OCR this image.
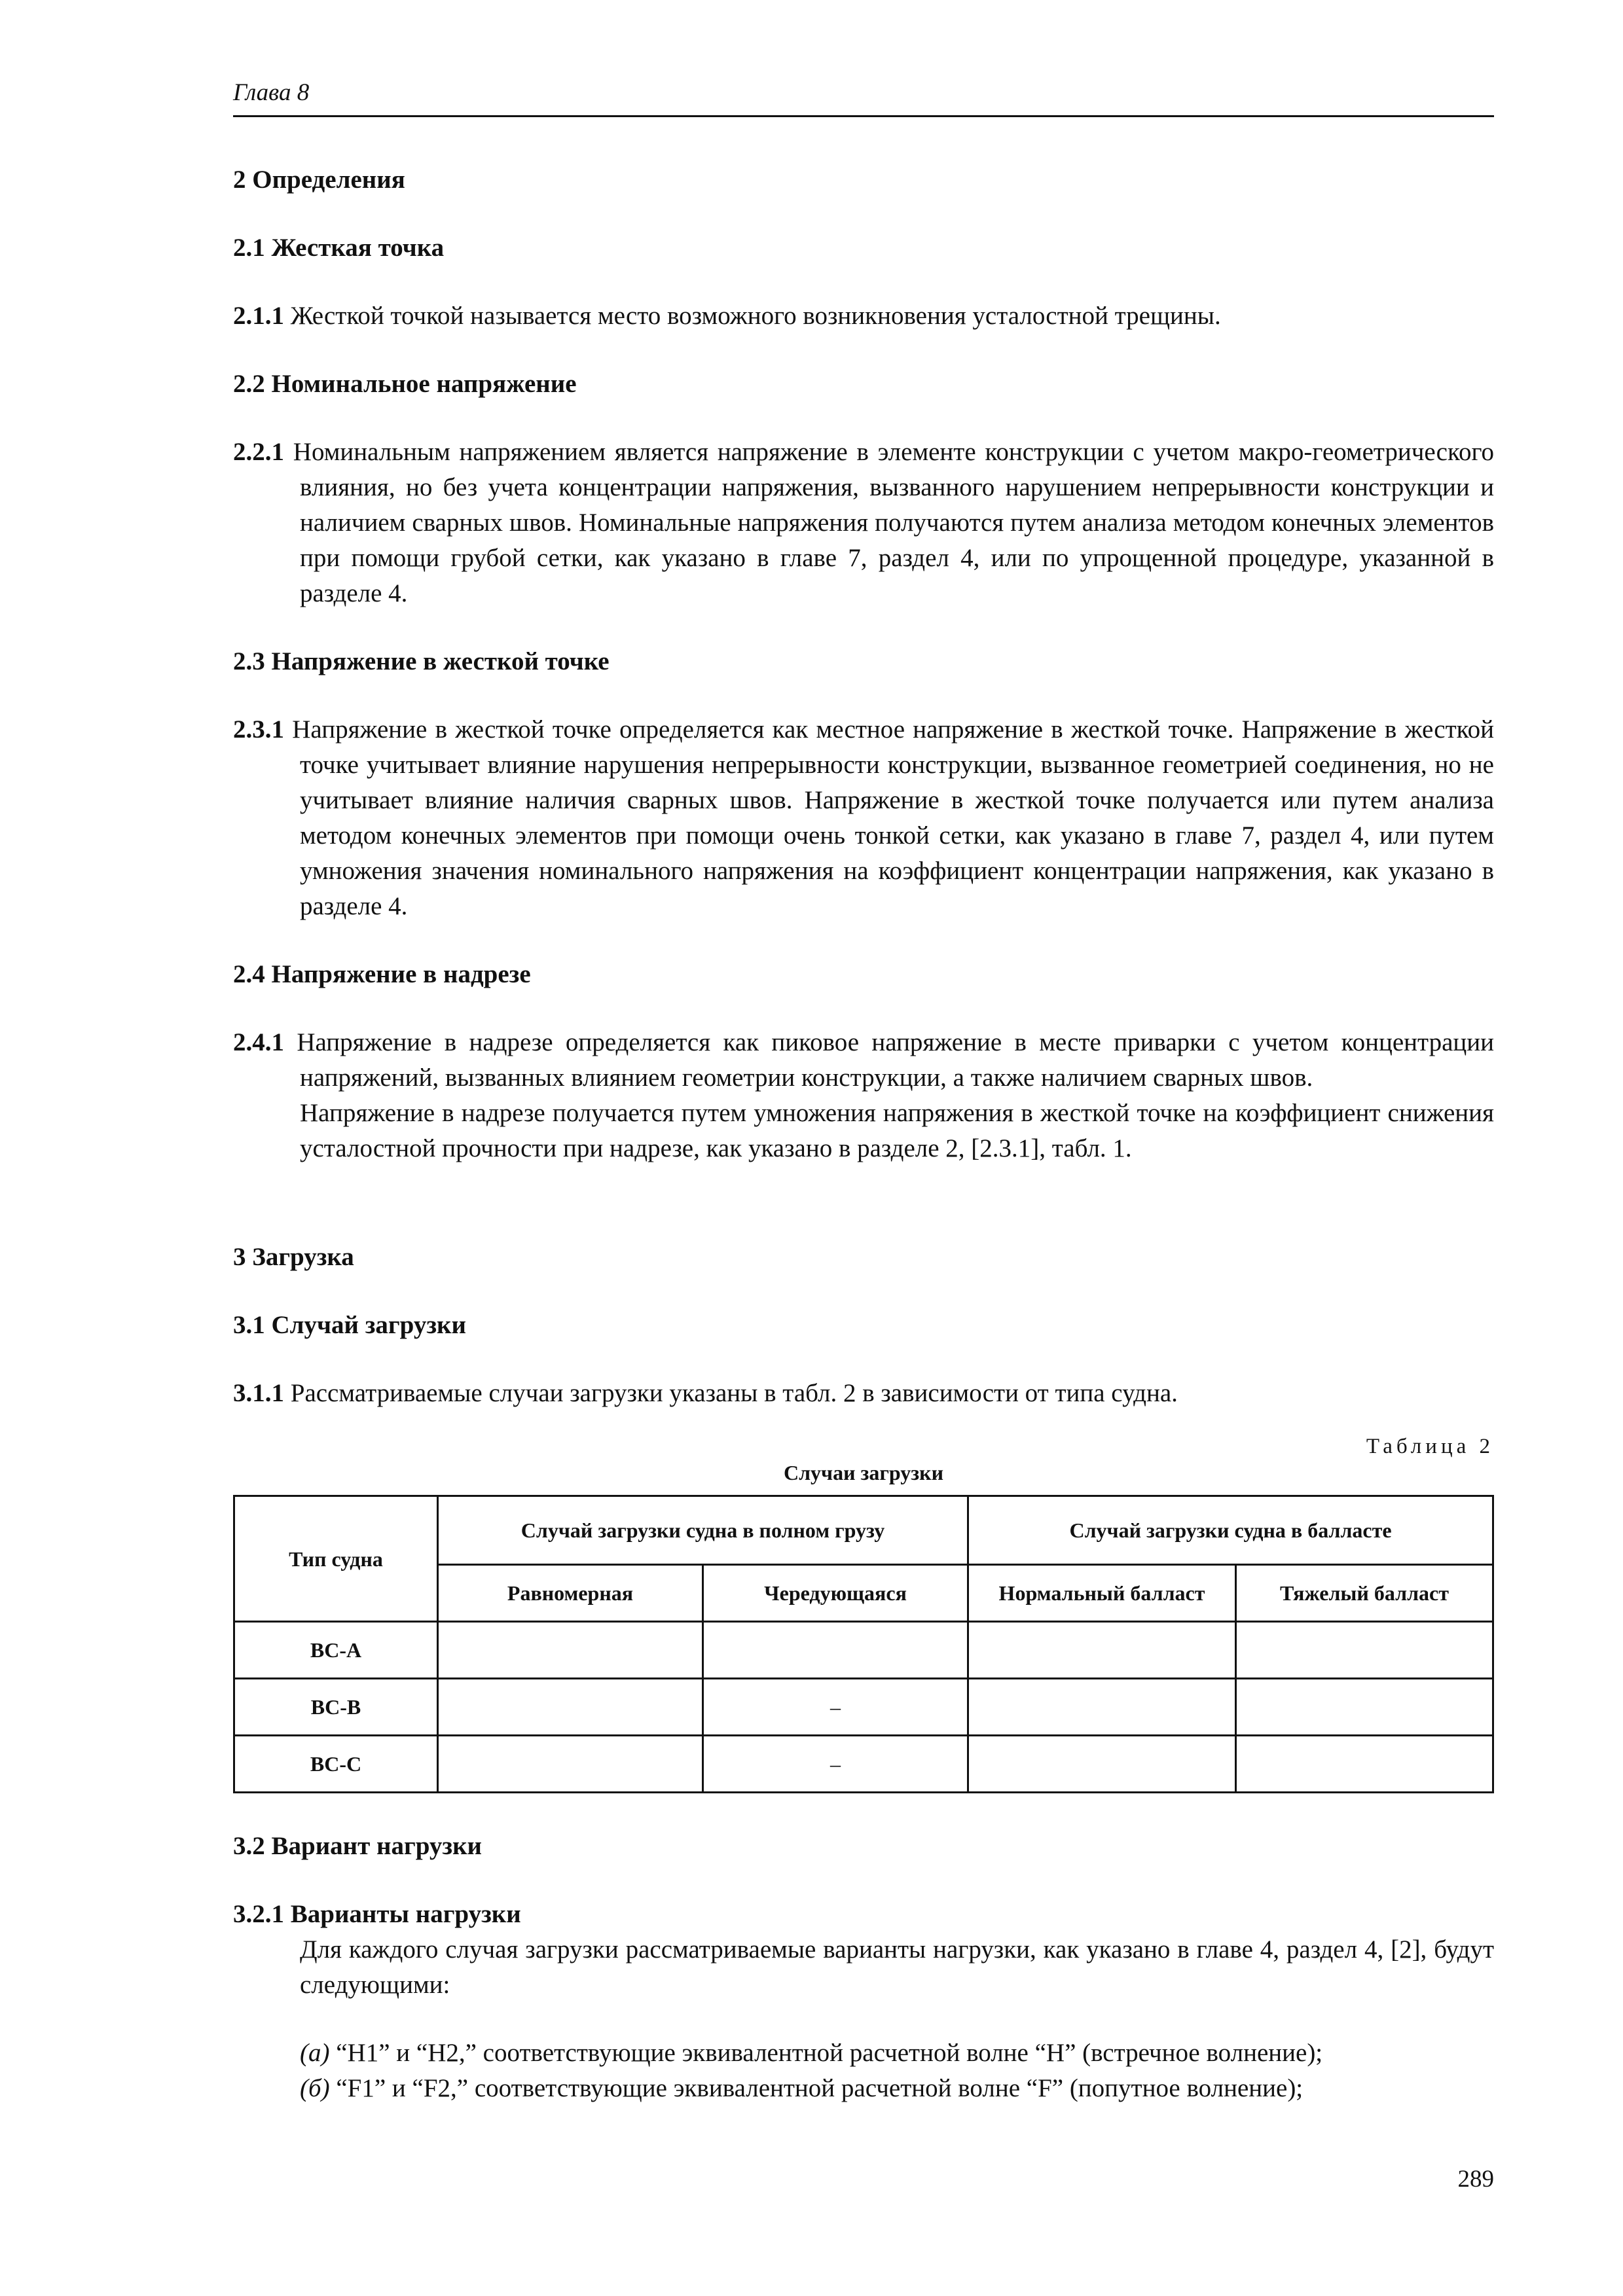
Глава 8

2 Определения

2.1 Жесткая точка

2.1.1 Жесткой точкой называется место возможного возникновения усталостной трещины.

2.2 Номинальное напряжение

2.2.1 Номинальным напряжением является напряжение в элементе конструкции с учетом макро-геометрического влияния, но без учета концентрации напряжения, вызванного нарушением непрерывности конструкции и наличием сварных швов. Номинальные напряжения получаются путем анализа методом конечных элементов при помощи грубой сетки, как указано в главе 7, раздел 4, или по упрощенной процедуре, указанной в разделе 4.

2.3 Напряжение в жесткой точке

2.3.1 Напряжение в жесткой точке определяется как местное напряжение в жесткой точке. Напряжение в жесткой точке учитывает влияние нарушения непрерывности конструкции, вызванное геометрией соединения, но не учитывает влияние наличия сварных швов. Напряжение в жесткой точке получается или путем анализа методом конечных элементов при помощи очень тонкой сетки, как указано в главе 7, раздел 4, или путем умножения значения номинального напряжения на коэффициент концентрации напряжения, как указано в разделе 4.

2.4 Напряжение в надрезе

2.4.1 Напряжение в надрезе определяется как пиковое напряжение в месте приварки с учетом концентрации напряжений, вызванных влиянием геометрии конструкции, а также наличием сварных швов.

Напряжение в надрезе получается путем умножения напряжения в жесткой точке на коэффициент снижения усталостной прочности при надрезе, как указано в разделе 2, [2.3.1], табл. 1.

3 Загрузка

3.1 Случай загрузки

3.1.1 Рассматриваемые случаи загрузки указаны в табл. 2 в зависимости от типа судна.

Таблица 2
Случаи загрузки
Тип судна	Случай загрузки судна в полном грузу		Случай загрузки судна в балласте	
	Равномерная	Чередующаяся	Нормальный балласт	Тяжелый балласт
BC-A				
BC-B		–		
BC-C		–		

3.2 Вариант нагрузки

3.2.1 Варианты нагрузки

Для каждого случая загрузки рассматриваемые варианты нагрузки, как указано в главе 4, раздел 4, [2], будут следующими:

(а) “H1” и “H2,” соответствующие эквивалентной расчетной волне “H” (встречное волнение);

(б) “F1” и “F2,” соответствующие эквивалентной расчетной волне “F” (попутное волнение);

289
